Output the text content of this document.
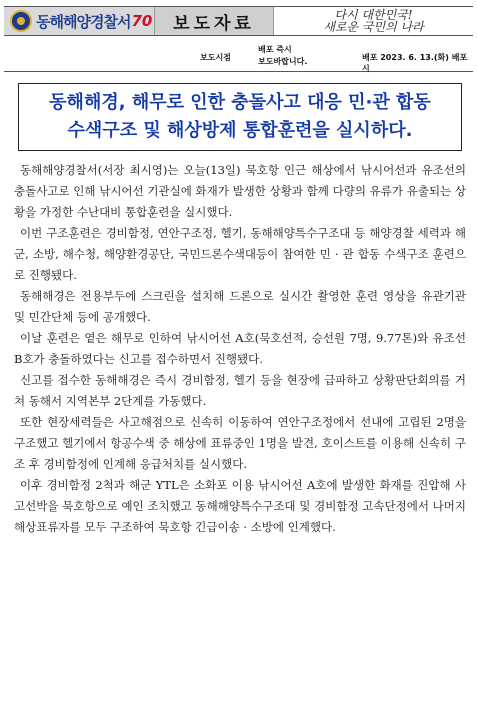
동해해양경찰서 70	보도자료	다시 대한민국!
새로운 국민의 나라
보도시점
배포 즉시
보도바랍니다.	배포 2023. 6. 13.(화) 배포시
동해해경, 해무로 인한 충돌사고 대응 민·관 합동
수색구조 및 해상방제 통합훈련을 실시하다.

동해해양경찰서(서장 최시영)는 오늘(13일) 묵호항 인근 해상에서 낚시어선과 유조선의 충돌사고로 인해 낚시어선 기관실에 화재가 발생한 상황과 함께 다량의 유류가 유출되는 상황을 가정한 수난대비 통합훈련을 실시했다.

이번 구조훈련은 경비함정, 연안구조정, 헬기, 동해해양특수구조대 등 해양경찰 세력과 해군, 소방, 해수청, 해양환경공단, 국민드론수색대등이 참여한 민 · 관 합동 수색구조 훈련으로 진행됐다.

동해해경은 전용부두에 스크린을 설치해 드론으로 실시간 촬영한 훈련 영상을 유관기관 및 민간단체 등에 공개했다.

이날 훈련은 옅은 해무로 인하여 낚시어선 A호(묵호선적, 승선원 7명, 9.77톤)와 유조선 B호가 충돌하였다는 신고를 접수하면서 진행됐다.

신고를 접수한 동해해경은 즉시 경비함정, 헬기 등을 현장에 급파하고 상황판단회의를 거쳐 동해서 지역본부 2단계를 가동했다.

또한 현장세력들은 사고해점으로 신속히 이동하여 연안구조정에서 선내에 고립된 2명을 구조했고 헬기에서 항공수색 중 해상에 표류중인 1명을 발견, 호이스트를 이용해 신속히 구조 후 경비함정에 인계해 응급처치를 실시했다.

이후 경비함정 2척과 해군 YTL은 소화포 이용 낚시어선 A호에 발생한 화재를 진압해 사고선박을 묵호항으로 예인 조치했고 동해해양특수구조대 및 경비함정 고속단정에서 나머지 해상표류자를 모두 구조하여 묵호항 긴급이송 · 소방에 인계했다.
